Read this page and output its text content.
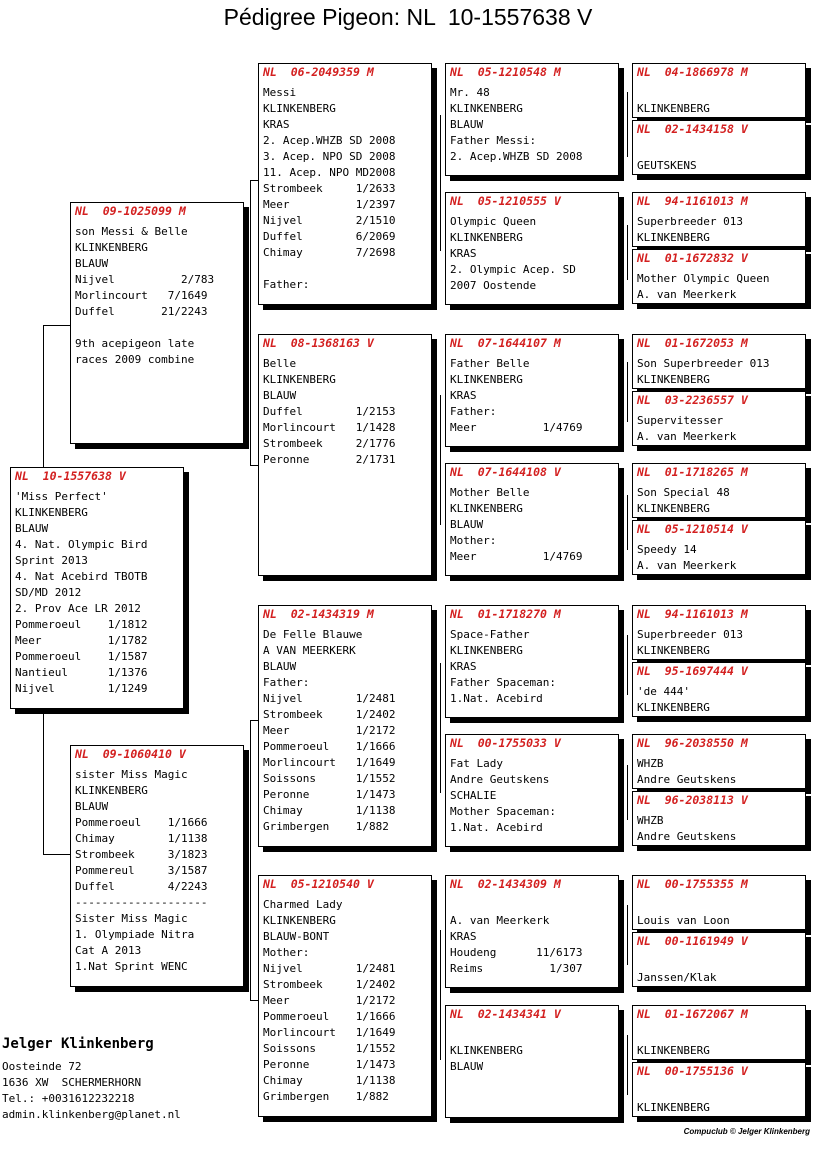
Pédigree Pigeon: NL  10-1557638 V
NL  10-1557638 V
'Miss Perfect'
KLINKENBERG
BLAUW
4. Nat. Olympic Bird
Sprint 2013
4. Nat Acebird TBOTB
SD/MD 2012
2. Prov Ace LR 2012
Pommeroeul    1/1812
Meer          1/1782
Pommeroeul    1/1587
Nantieul      1/1376
Nijvel        1/1249
NL  09-1025099 M
son Messi & Belle
KLINKENBERG
BLAUW
Nijvel          2/783
Morlincourt   7/1649
Duffel       21/2243
9th acepigeon late
races 2009 combine
NL  09-1060410 V
sister Miss Magic
KLINKENBERG
BLAUW
Pommeroeul    1/1666
Chimay        1/1138
Strombeek     3/1823
Pommereul     3/1587
Duffel        4/2243
--------------------
Sister Miss Magic
1. Olympiade Nitra
Cat A 2013
1.Nat Sprint WENC
NL  06-2049359 M
Messi
KLINKENBERG
KRAS
2. Acep.WHZB SD 2008
3. Acep. NPO SD 2008
11. Acep. NPO MD2008
Strombeek     1/2633
Meer          1/2397
Nijvel        2/1510
Duffel        6/2069
Chimay        7/2698
Father:
NL  08-1368163 V
Belle
KLINKENBERG
BLAUW
Duffel        1/2153
Morlincourt   1/1428
Strombeek     2/1776
Peronne       2/1731
NL  02-1434319 M
De Felle Blauwe
A VAN MEERKERK
BLAUW
Father:
Nijvel        1/2481
Strombeek     1/2402
Meer          1/2172
Pommeroeul    1/1666
Morlincourt   1/1649
Soissons      1/1552
Peronne       1/1473
Chimay        1/1138
Grimbergen    1/882
NL  05-1210540 V
Charmed Lady
KLINKENBERG
BLAUW-BONT
Mother:
Nijvel        1/2481
Strombeek     1/2402
Meer          1/2172
Pommeroeul    1/1666
Morlincourt   1/1649
Soissons      1/1552
Peronne       1/1473
Chimay        1/1138
Grimbergen    1/882
NL  05-1210548 M
Mr. 48
KLINKENBERG
BLAUW
Father Messi:
2. Acep.WHZB SD 2008
NL  05-1210555 V
Olympic Queen
KLINKENBERG
KRAS
2. Olympic Acep. SD
2007 Oostende
NL  07-1644107 M
Father Belle
KLINKENBERG
KRAS
Father:
Meer          1/4769
NL  07-1644108 V
Mother Belle
KLINKENBERG
BLAUW
Mother:
Meer          1/4769
NL  01-1718270 M
Space-Father
KLINKENBERG
KRAS
Father Spaceman:
1.Nat. Acebird
NL  00-1755033 V
Fat Lady
Andre Geutskens
SCHALIE
Mother Spaceman:
1.Nat. Acebird
NL  02-1434309 M
A. van Meerkerk
KRAS
Houdeng      11/6173
Reims          1/307
NL  02-1434341 V
KLINKENBERG
BLAUW
NL  04-1866978 M
KLINKENBERG
NL  02-1434158 V
GEUTSKENS
NL  94-1161013 M
Superbreeder 013
KLINKENBERG
NL  01-1672832 V
Mother Olympic Queen
A. van Meerkerk
NL  01-1672053 M
Son Superbreeder 013
KLINKENBERG
NL  03-2236557 V
Supervitesser
A. van Meerkerk
NL  01-1718265 M
Son Special 48
KLINKENBERG
NL  05-1210514 V
Speedy 14
A. van Meerkerk
NL  94-1161013 M
Superbreeder 013
KLINKENBERG
NL  95-1697444 V
'de 444'
KLINKENBERG
NL  96-2038550 M
WHZB
Andre Geutskens
NL  96-2038113 V
WHZB
Andre Geutskens
NL  00-1755355 M
Louis van Loon
NL  00-1161949 V
Janssen/Klak
NL  01-1672067 M
KLINKENBERG
NL  00-1755136 V
KLINKENBERG
Jelger Klinkenberg
Oosteinde 72
1636 XW  SCHERMERHORN
Tel.: +0031612232218
admin.klinkenberg@planet.nl
Compuclub © Jelger Klinkenberg
